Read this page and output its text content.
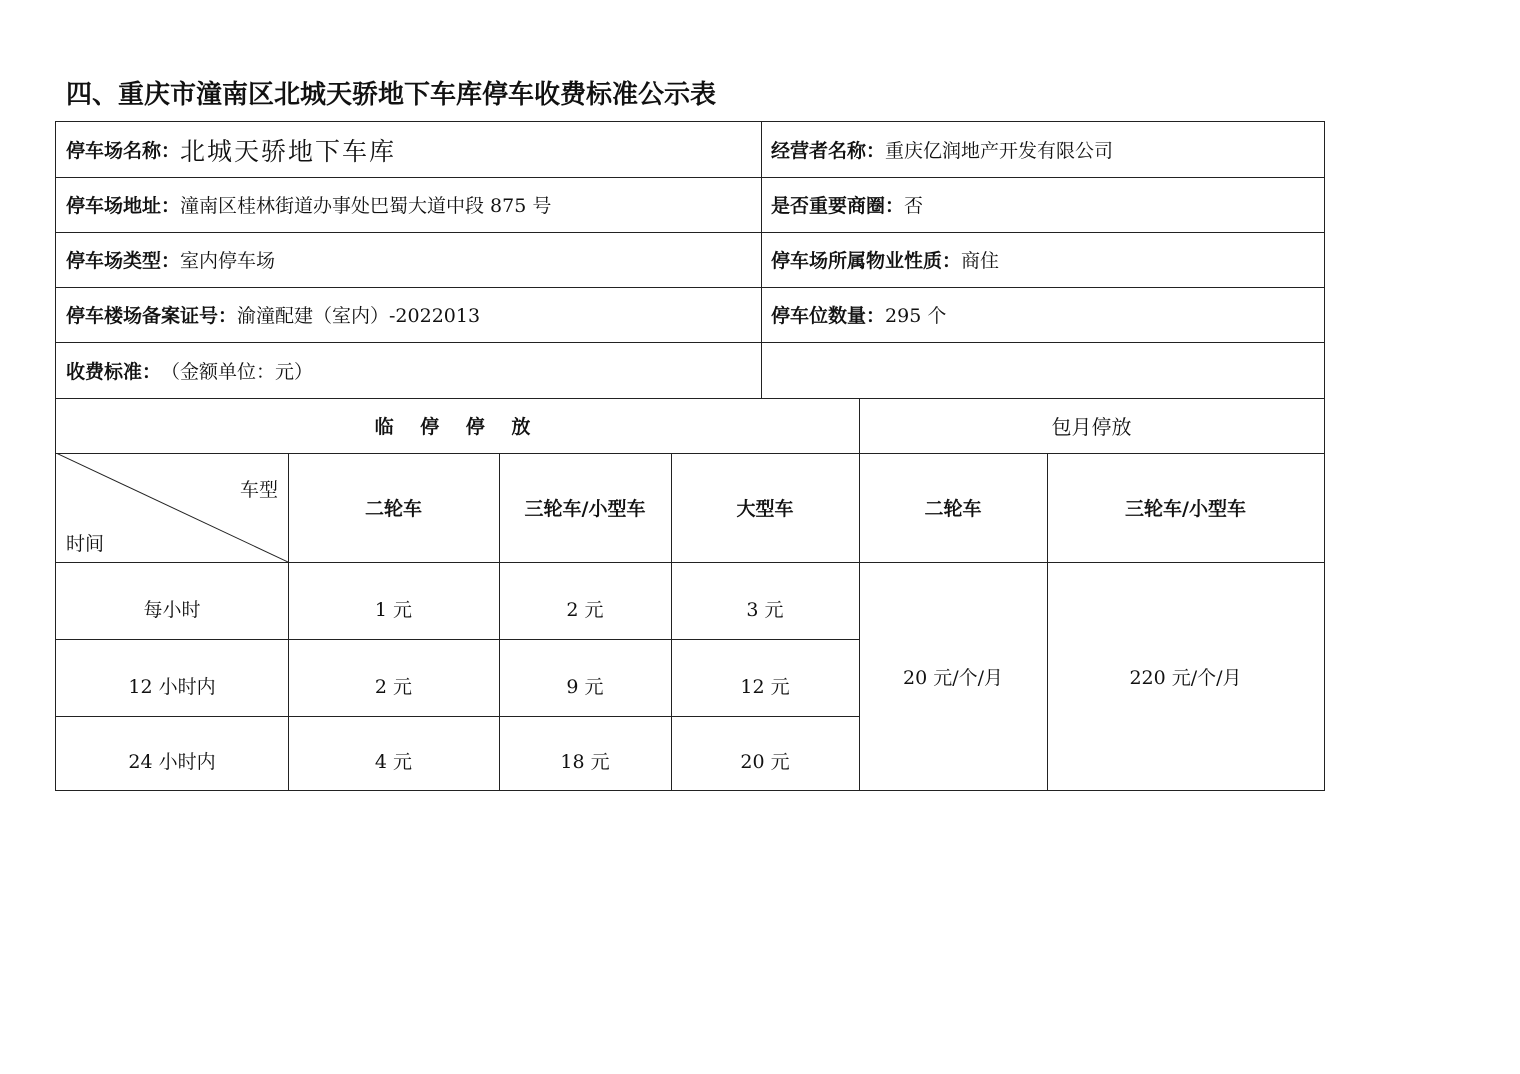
四、重庆市潼南区北城天骄地下车库停车收费标准公示表
停车场名称： 北城天骄地下车库	经营者名称： 重庆亿润地产开发有限公司
停车场地址： 潼南区桂林街道办事处巴蜀大道中段 875 号	是否重要商圈： 否
停车场类型： 室内停车场	停车场所属物业性质： 商住
停车楼场备案证号： 渝潼配建（室内）-2022013	停车位数量： 295 个
收费标准： （金额单位：元）
临 停 停 放	包月停放
车型
时间
二轮车	三轮车/小型车	大型车	二轮车	三轮车/小型车
每小时	1 元	2 元	3 元
12 小时内	2 元	9 元	12 元
24 小时内	4 元	18 元	20 元
20 元/个/月	220 元/个/月
